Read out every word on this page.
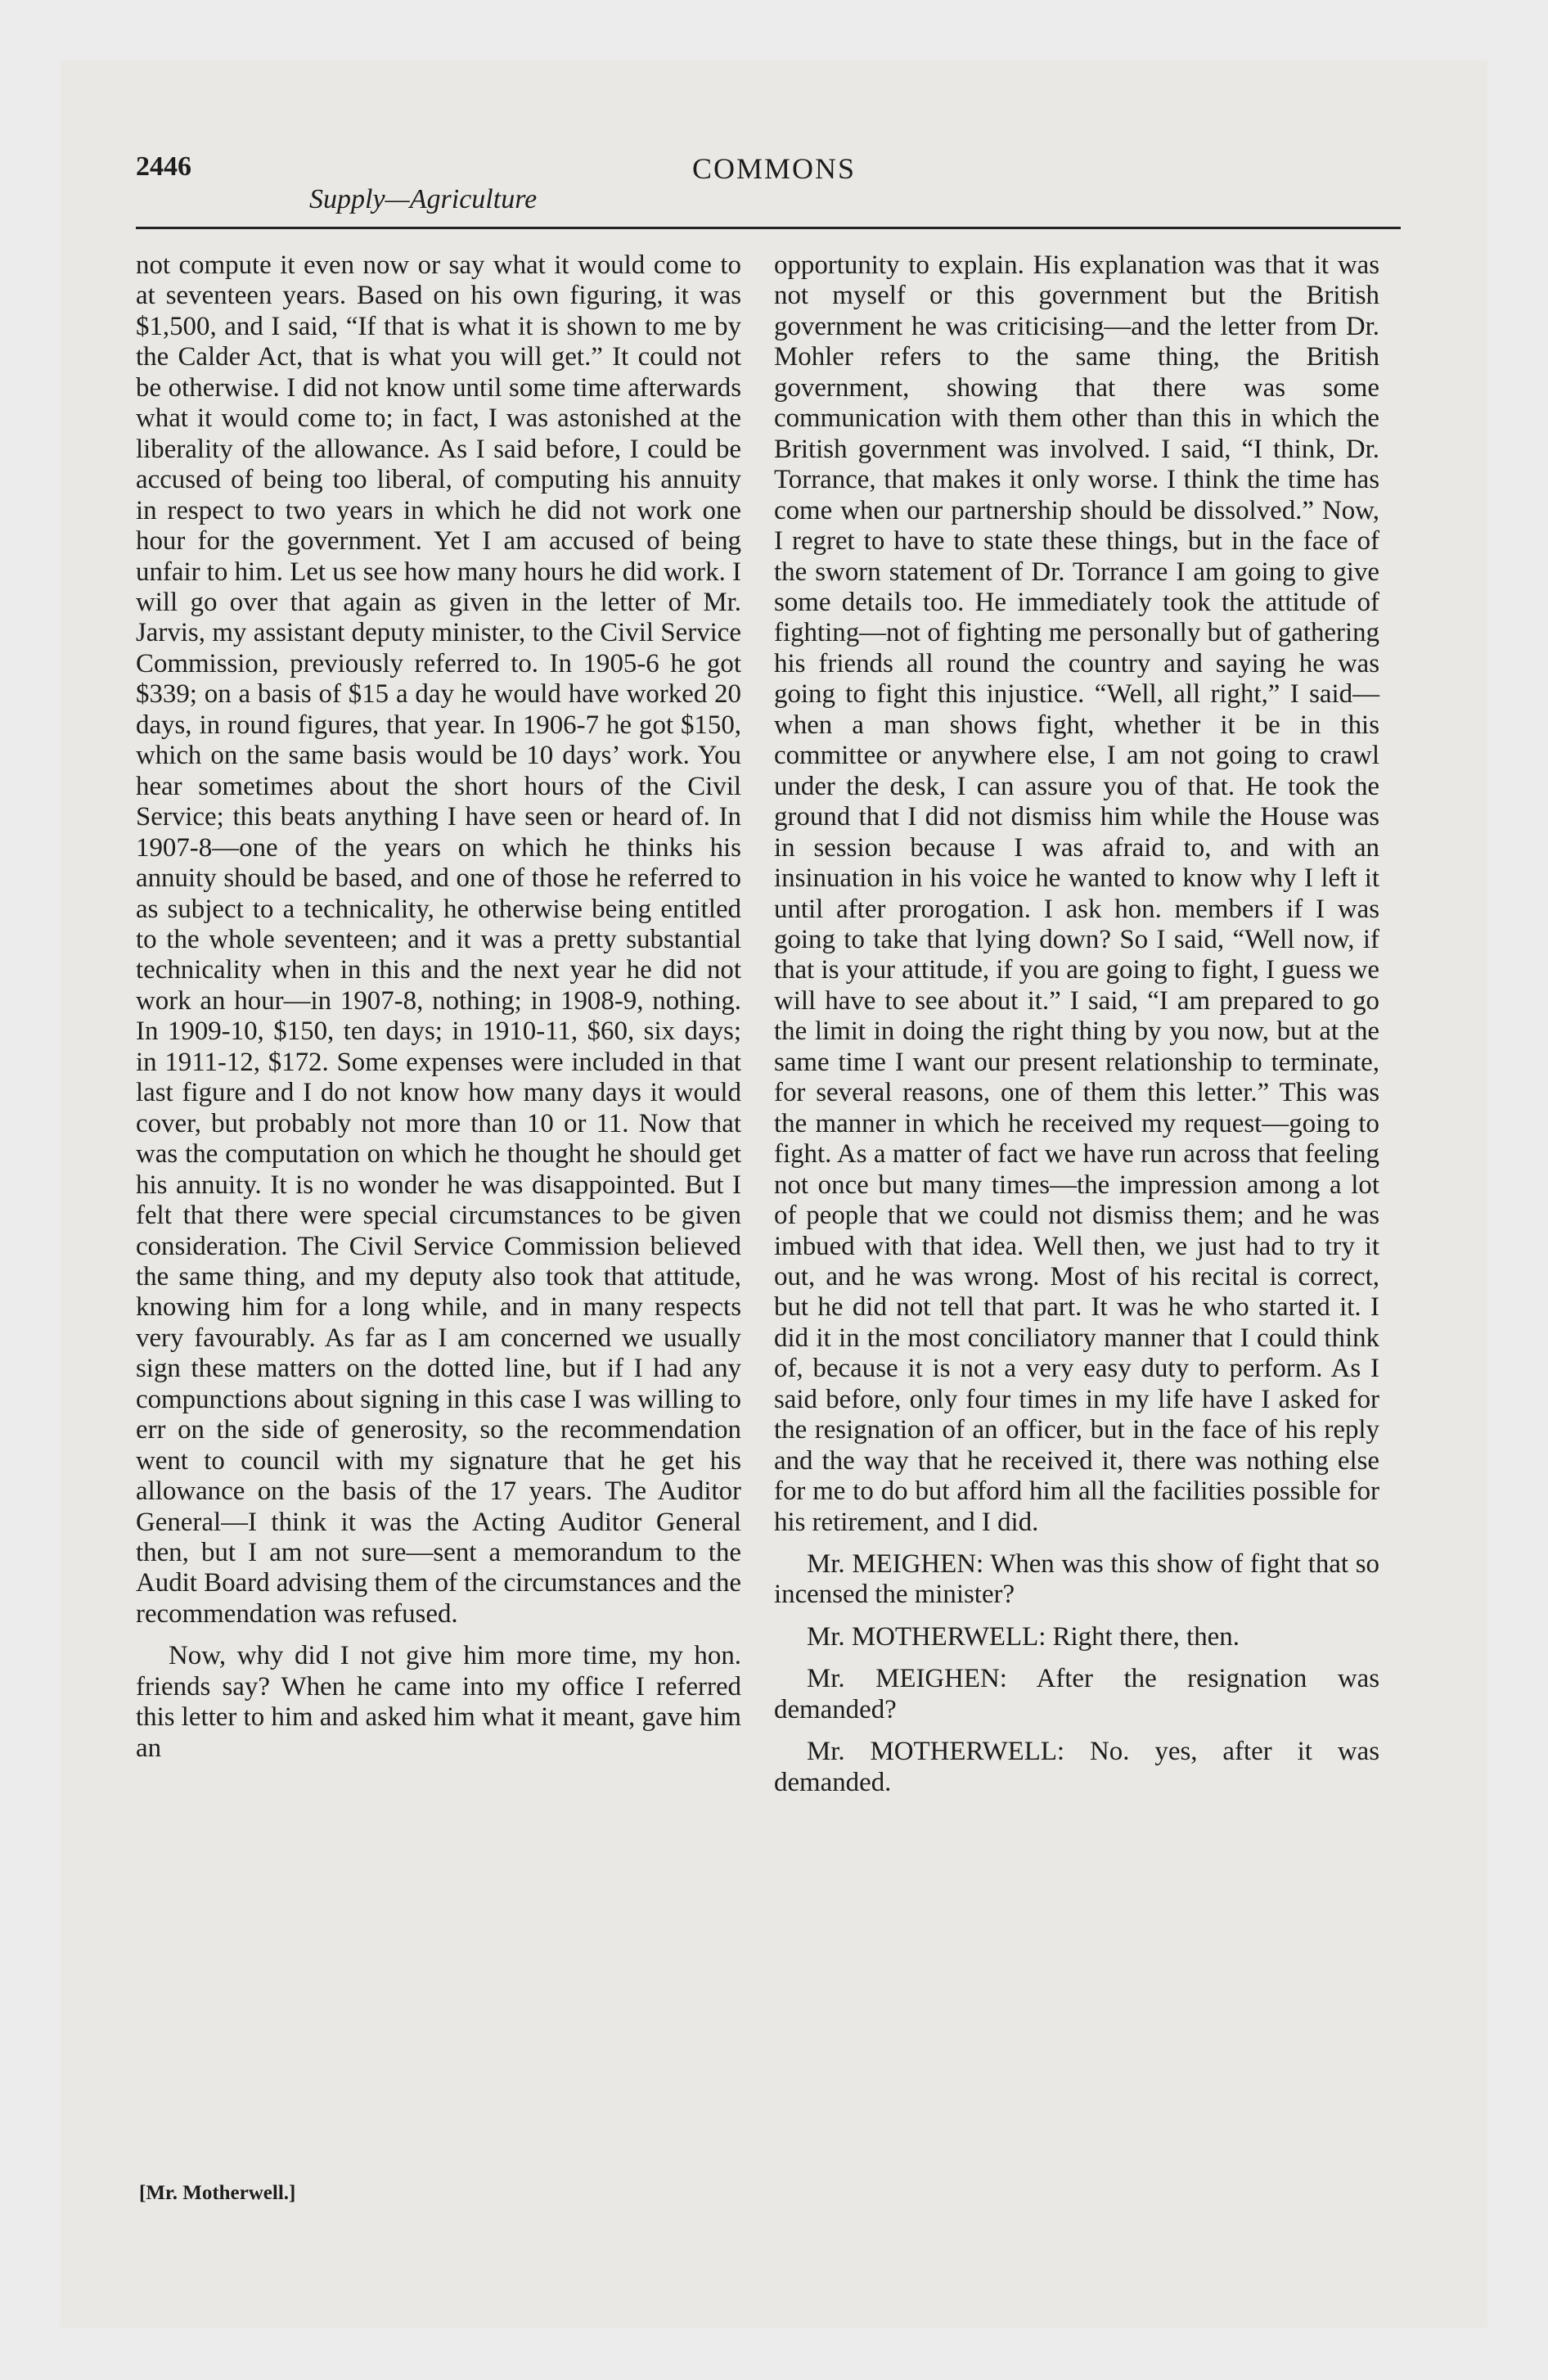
2446	COMMONS
Supply—Agriculture

not compute it even now or say what it would come to at seventeen years. Based on his own figuring, it was $1,500, and I said, “If that is what it is shown to me by the Calder Act, that is what you will get.” It could not be otherwise. I did not know until some time afterwards what it would come to; in fact, I was astonished at the liberality of the allowance. As I said before, I could be accused of being too liberal, of computing his annuity in respect to two years in which he did not work one hour for the government. Yet I am accused of being unfair to him. Let us see how many hours he did work. I will go over that again as given in the letter of Mr. Jarvis, my assistant deputy minister, to the Civil Service Commission, previously referred to. In 1905-6 he got $339; on a basis of $15 a day he would have worked 20 days, in round figures, that year. In 1906-7 he got $150, which on the same basis would be 10 days’ work. You hear sometimes about the short hours of the Civil Service; this beats anything I have seen or heard of. In 1907-8—one of the years on which he thinks his annuity should be based, and one of those he referred to as subject to a technicality, he otherwise being entitled to the whole seventeen; and it was a pretty substantial technicality when in this and the next year he did not work an hour—in 1907-8, nothing; in 1908-9, nothing. In 1909-10, $150, ten days; in 1910-11, $60, six days; in 1911-12, $172. Some expenses were included in that last figure and I do not know how many days it would cover, but probably not more than 10 or 11. Now that was the computation on which he thought he should get his annuity. It is no wonder he was disappointed. But I felt that there were special circumstances to be given consideration. The Civil Service Commission believed the same thing, and my deputy also took that attitude, knowing him for a long while, and in many respects very favourably. As far as I am concerned we usually sign these matters on the dotted line, but if I had any compunctions about signing in this case I was willing to err on the side of generosity, so the recommendation went to council with my signature that he get his allowance on the basis of the 17 years. The Auditor General—I think it was the Acting Auditor General then, but I am not sure—sent a memorandum to the Audit Board advising them of the circumstances and the recommendation was refused.

Now, why did I not give him more time, my hon. friends say? When he came into my office I referred this letter to him and asked him what it meant, gave him an

[Mr. Motherwell.]

opportunity to explain. His explanation was that it was not myself or this government but the British government he was criticising—and the letter from Dr. Mohler refers to the same thing, the British government, showing that there was some communication with them other than this in which the British government was involved. I said, “I think, Dr. Torrance, that makes it only worse. I think the time has come when our partnership should be dissolved.” Now, I regret to have to state these things, but in the face of the sworn statement of Dr. Torrance I am going to give some details too. He immediately took the attitude of fighting—not of fighting me personally but of gathering his friends all round the country and saying he was going to fight this injustice. “Well, all right,” I said—when a man shows fight, whether it be in this committee or anywhere else, I am not going to crawl under the desk, I can assure you of that. He took the ground that I did not dismiss him while the House was in session because I was afraid to, and with an insinuation in his voice he wanted to know why I left it until after prorogation. I ask hon. members if I was going to take that lying down? So I said, “Well now, if that is your attitude, if you are going to fight, I guess we will have to see about it.” I said, “I am prepared to go the limit in doing the right thing by you now, but at the same time I want our present relationship to terminate, for several reasons, one of them this letter.” This was the manner in which he received my request—going to fight. As a matter of fact we have run across that feeling not once but many times—the impression among a lot of people that we could not dismiss them; and he was imbued with that idea. Well then, we just had to try it out, and he was wrong. Most of his recital is correct, but he did not tell that part. It was he who started it. I did it in the most conciliatory manner that I could think of, because it is not a very easy duty to perform. As I said before, only four times in my life have I asked for the resignation of an officer, but in the face of his reply and the way that he received it, there was nothing else for me to do but afford him all the facilities possible for his retirement, and I did.

Mr. MEIGHEN: When was this show of fight that so incensed the minister?

Mr. MOTHERWELL: Right there, then.

Mr. MEIGHEN: After the resignation was demanded?

Mr. MOTHERWELL: No. yes, after it was demanded.
